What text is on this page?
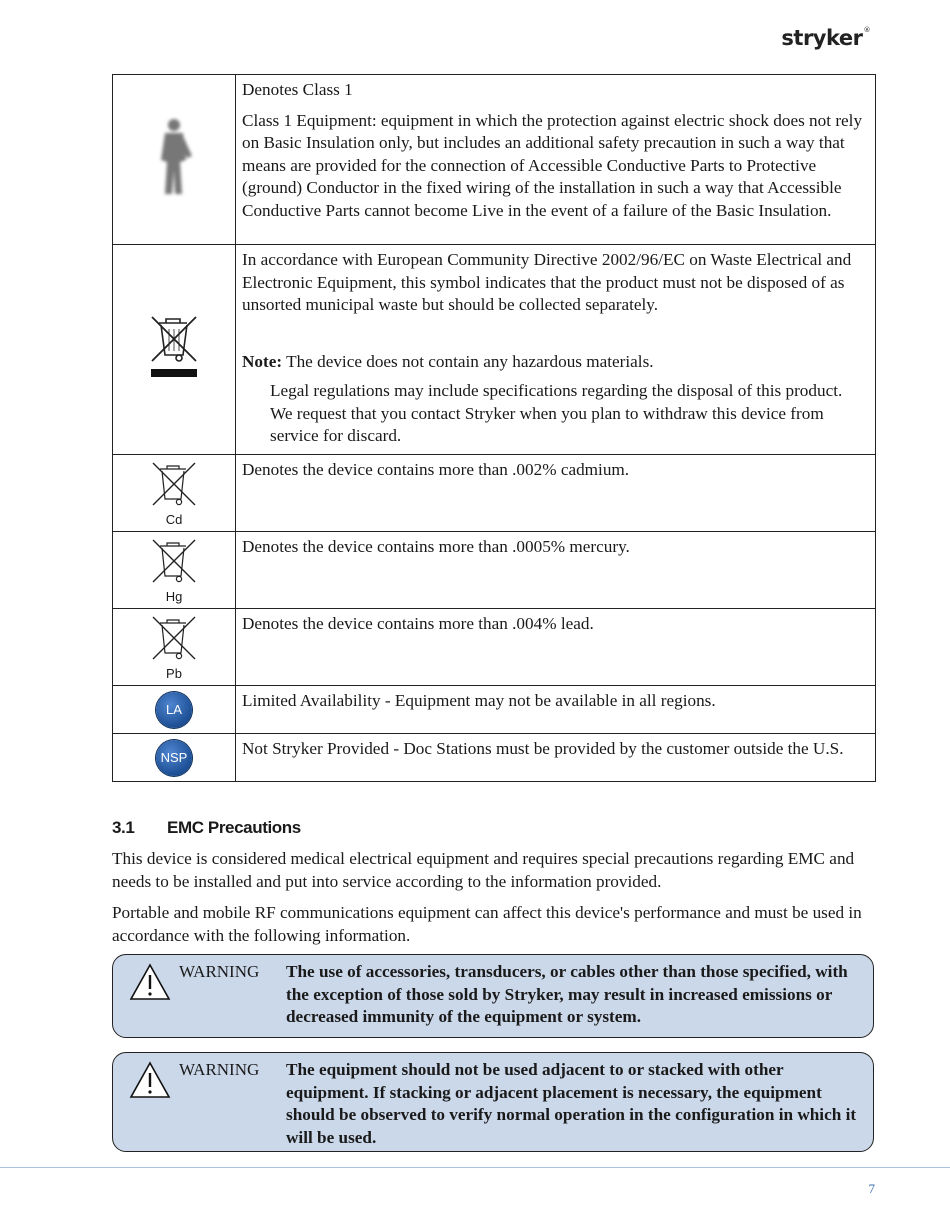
stryker®

Denotes Class 1

Class 1 Equipment: equipment in which the protection against electric shock does not rely on Basic Insulation only, but includes an additional safety precaution in such a way that means are provided for the connection of Accessible Conductive Parts to Protective (ground) Conductor in the fixed wiring of the installation in such a way that Accessible Conductive Parts cannot become Live in the event of a failure of the Basic Insulation.

In accordance with European Community Directive 2002/96/EC on Waste Electrical and Electronic Equipment, this symbol indicates that the product must not be disposed of as unsorted municipal waste but should be collected separately.

Note: The device does not contain any hazardous materials.

Legal regulations may include specifications regarding the disposal of this product. We request that you contact Stryker when you plan to withdraw this device from service for discard.

Cd	Denotes the device contains more than .002% cadmium.

Hg	Denotes the device contains more than .0005% mercury.

Pb	Denotes the device contains more than .004% lead.

LA	Limited Availability - Equipment may not be available in all regions.

NSP	Not Stryker Provided - Doc Stations must be provided by the customer outside the U.S.

3.1 EMC Precautions

This device is considered medical electrical equipment and requires special precautions regarding EMC and needs to be installed and put into service according to the information provided.

Portable and mobile RF communications equipment can affect this device's performance and must be used in accordance with the following information.

WARNING The use of accessories, transducers, or cables other than those specified, with the exception of those sold by Stryker, may result in increased emissions or decreased immunity of the equipment or system.
WARNING The equipment should not be used adjacent to or stacked with other equipment. If stacking or adjacent placement is necessary, the equipment should be observed to verify normal operation in the configuration in which it will be used.
7
